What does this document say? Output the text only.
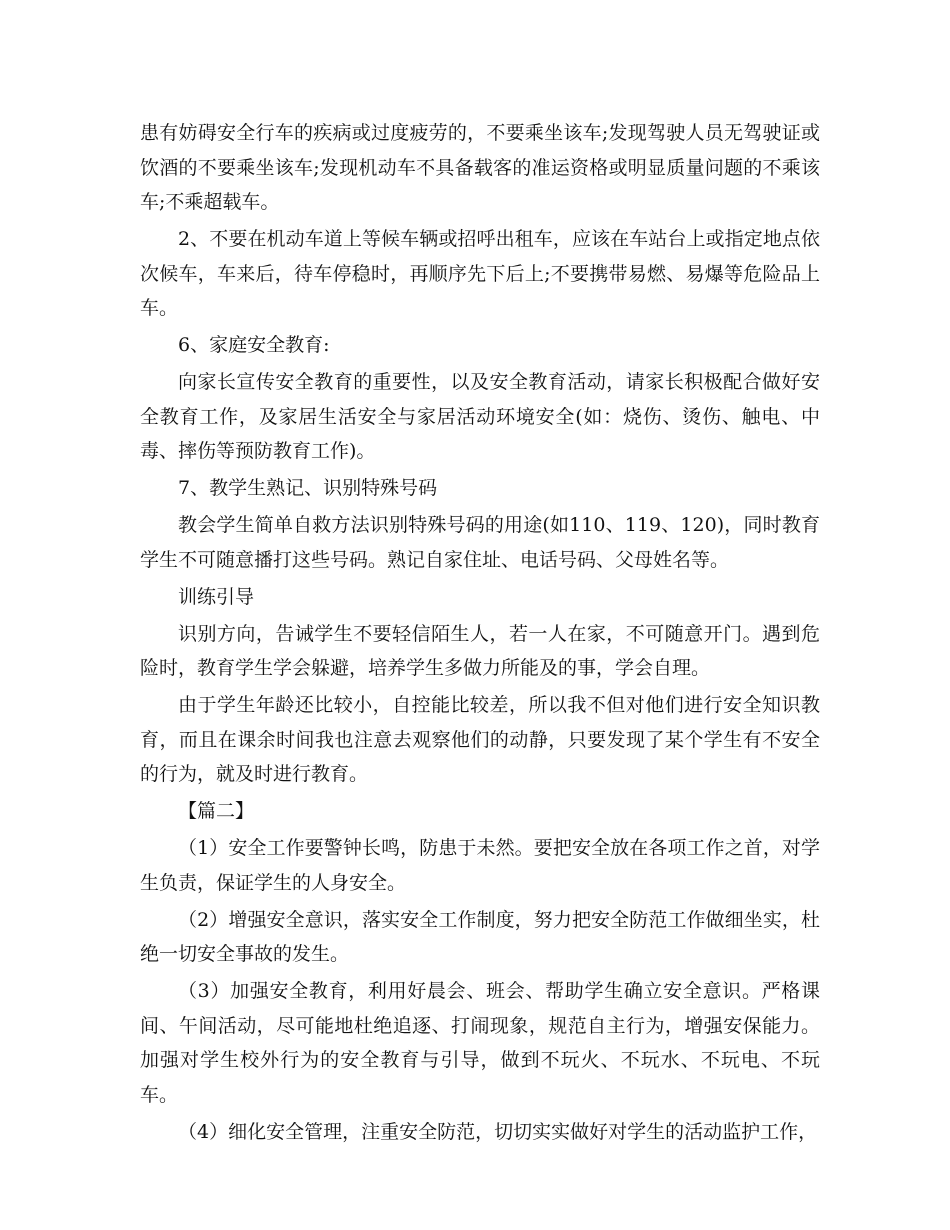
患有妨碍安全行车的疾病或过度疲劳的，不要乘坐该车;发现驾驶人员无驾驶证或饮酒的不要乘坐该车;发现机动车不具备载客的准运资格或明显质量问题的不乘该车;不乘超载车。

2、不要在机动车道上等候车辆或招呼出租车，应该在车站台上或指定地点依次候车，车来后，待车停稳时，再顺序先下后上;不要携带易燃、易爆等危险品上车。

6、家庭安全教育:

向家长宣传安全教育的重要性，以及安全教育活动，请家长积极配合做好安全教育工作，及家居生活安全与家居活动环境安全(如：烧伤、烫伤、触电、中毒、摔伤等预防教育工作)。

7、教学生熟记、识别特殊号码

教会学生简单自救方法识别特殊号码的用途(如110、119、120)，同时教育学生不可随意播打这些号码。熟记自家住址、电话号码、父母姓名等。

训练引导

识别方向，告诫学生不要轻信陌生人，若一人在家，不可随意开门。遇到危险时，教育学生学会躲避，培养学生多做力所能及的事，学会自理。

由于学生年龄还比较小，自控能比较差，所以我不但对他们进行安全知识教育，而且在课余时间我也注意去观察他们的动静，只要发现了某个学生有不安全的行为，就及时进行教育。

【篇二】

（1）安全工作要警钟长鸣，防患于未然。要把安全放在各项工作之首，对学生负责，保证学生的人身安全。

（2）增强安全意识，落实安全工作制度，努力把安全防范工作做细坐实，杜绝一切安全事故的发生。

（3）加强安全教育，利用好晨会、班会、帮助学生确立安全意识。严格课间、午间活动，尽可能地杜绝追逐、打闹现象，规范自主行为，增强安保能力。加强对学生校外行为的安全教育与引导，做到不玩火、不玩水、不玩电、不玩车。

（4）细化安全管理，注重安全防范，切切实实做好对学生的活动监护工作，
